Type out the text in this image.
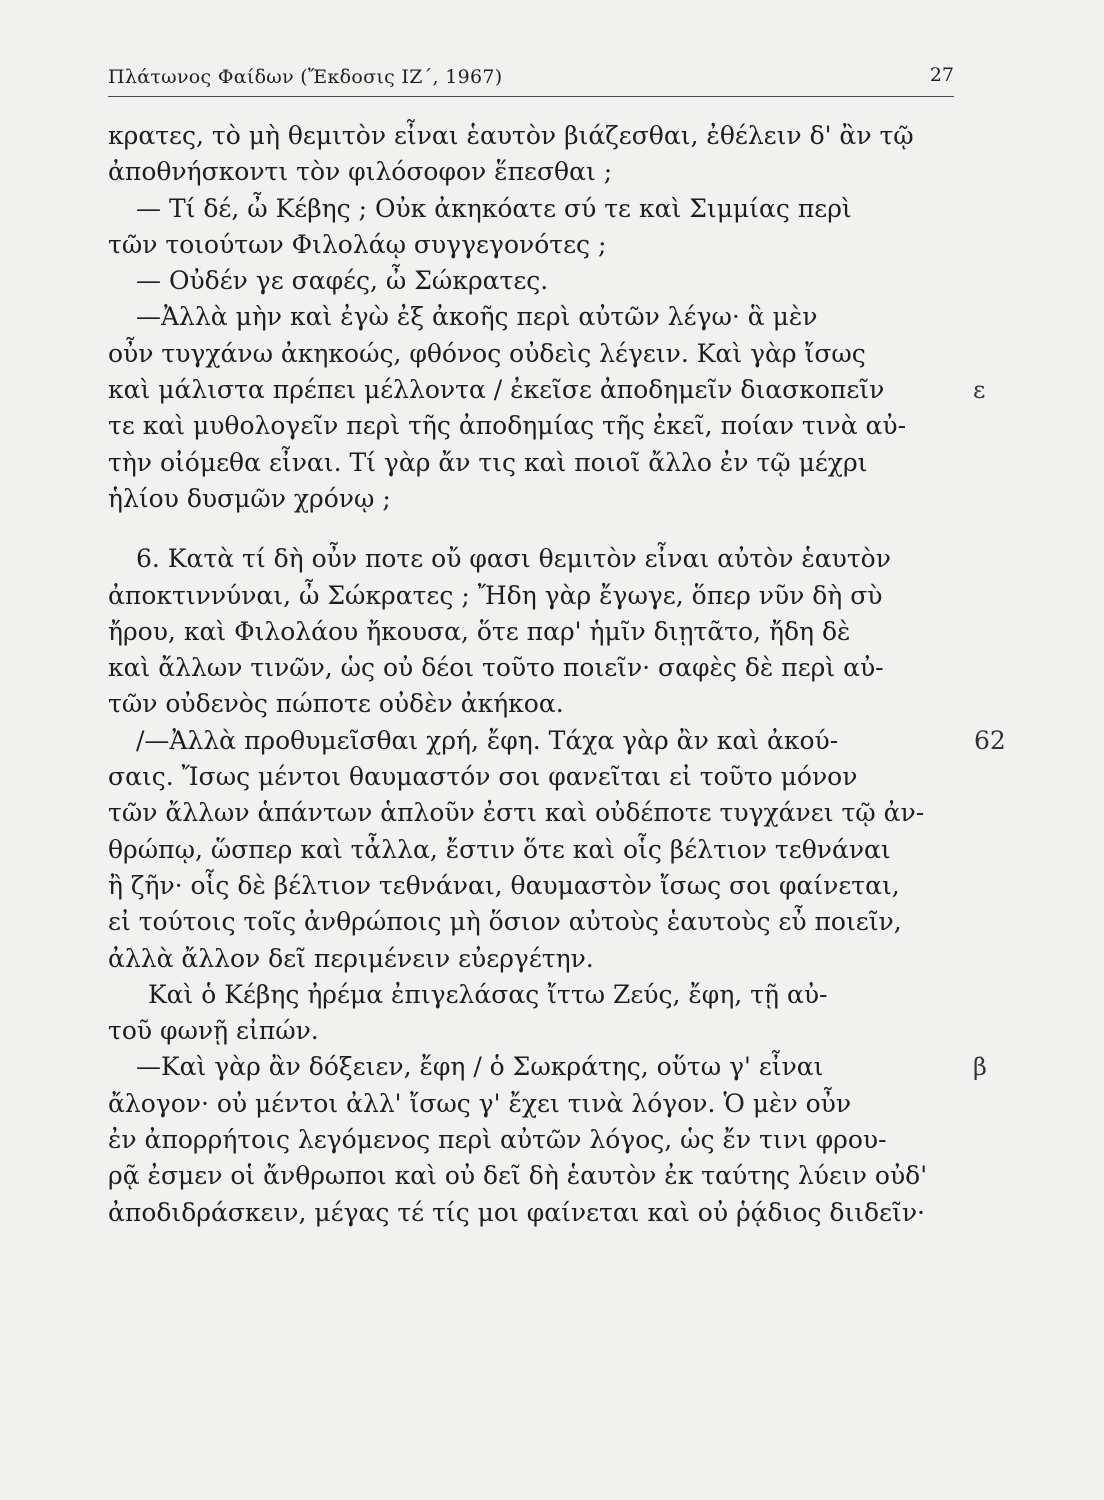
Πλάτωνος Φαίδων (Ἔκδοσις ΙΖ΄, 1967)	27
κρατες, τὸ μὴ θεμιτὸν εἶναι ἑαυτὸν βιάζεσθαι, ἐθέλειν δ' ἂν τῷ
ἀποθνήσκοντι τὸν φιλόσοφον ἕπεσθαι ;
— Τί δέ, ὦ Κέβης ; Οὐκ ἀκηκόατε σύ τε καὶ Σιμμίας περὶ
τῶν τοιούτων Φιλολάῳ συγγεγονότες ;
— Οὐδέν γε σαφές, ὦ Σώκρατες.
—Ἀλλὰ μὴν καὶ ἐγὼ ἐξ ἀκοῆς περὶ αὐτῶν λέγω· ἃ μὲν
οὖν τυγχάνω ἀκηκοώς, φθόνος οὐδεὶς λέγειν. Καὶ γὰρ ἴσως
καὶ μάλιστα πρέπει μέλλοντα / ἐκεῖσε ἀποδημεῖν διασκοπεῖν	ε
τε καὶ μυθολογεῖν περὶ τῆς ἀποδημίας τῆς ἐκεῖ, ποίαν τινὰ αὐ-
τὴν οἰόμεθα εἶναι. Τί γὰρ ἄν τις καὶ ποιοῖ ἄλλο ἐν τῷ μέχρι
ἡλίου δυσμῶν χρόνῳ ;
6. Κατὰ τί δὴ οὖν ποτε οὔ φασι θεμιτὸν εἶναι αὐτὸν ἑαυτὸν
ἀποκτιννύναι, ὦ Σώκρατες ; Ἤδη γὰρ ἔγωγε, ὅπερ νῦν δὴ σὺ
ἤρου, καὶ Φιλολάου ἤκουσα, ὅτε παρ' ἡμῖν διῃτᾶτο, ἤδη δὲ
καὶ ἄλλων τινῶν, ὡς οὐ δέοι τοῦτο ποιεῖν· σαφὲς δὲ περὶ αὐ-
τῶν οὐδενὸς πώποτε οὐδὲν ἀκήκοα.
/—Ἀλλὰ προθυμεῖσθαι χρή, ἔφη. Τάχα γὰρ ἂν καὶ ἀκού-	62
σαις. Ἴσως μέντοι θαυμαστόν σοι φανεῖται εἰ τοῦτο μόνον
τῶν ἄλλων ἁπάντων ἁπλοῦν ἐστι καὶ οὐδέποτε τυγχάνει τῷ ἀν-
θρώπῳ, ὥσπερ καὶ τἆλλα, ἔστιν ὅτε καὶ οἷς βέλτιον τεθνάναι
ἢ ζῆν· οἷς δὲ βέλτιον τεθνάναι, θαυμαστὸν ἴσως σοι φαίνεται,
εἰ τούτοις τοῖς ἀνθρώποις μὴ ὅσιον αὐτοὺς ἑαυτοὺς εὖ ποιεῖν,
ἀλλὰ ἄλλον δεῖ περιμένειν εὐεργέτην.
Καὶ ὁ Κέβης ἠρέμα ἐπιγελάσας ἴττω Ζεύς, ἔφη, τῇ αὐ-
τοῦ φωνῇ εἰπών.
—Καὶ γὰρ ἂν δόξειεν, ἔφη / ὁ Σωκράτης, οὕτω γ' εἶναι	β
ἄλογον· οὐ μέντοι ἀλλ' ἴσως γ' ἔχει τινὰ λόγον. Ὁ μὲν οὖν
ἐν ἀπορρήτοις λεγόμενος περὶ αὐτῶν λόγος, ὡς ἔν τινι φρου-
ρᾷ ἐσμεν οἱ ἄνθρωποι καὶ οὐ δεῖ δὴ ἑαυτὸν ἐκ ταύτης λύειν οὐδ'
ἀποδιδράσκειν, μέγας τέ τίς μοι φαίνεται καὶ οὐ ῥᾴδιος διιδεῖν·
